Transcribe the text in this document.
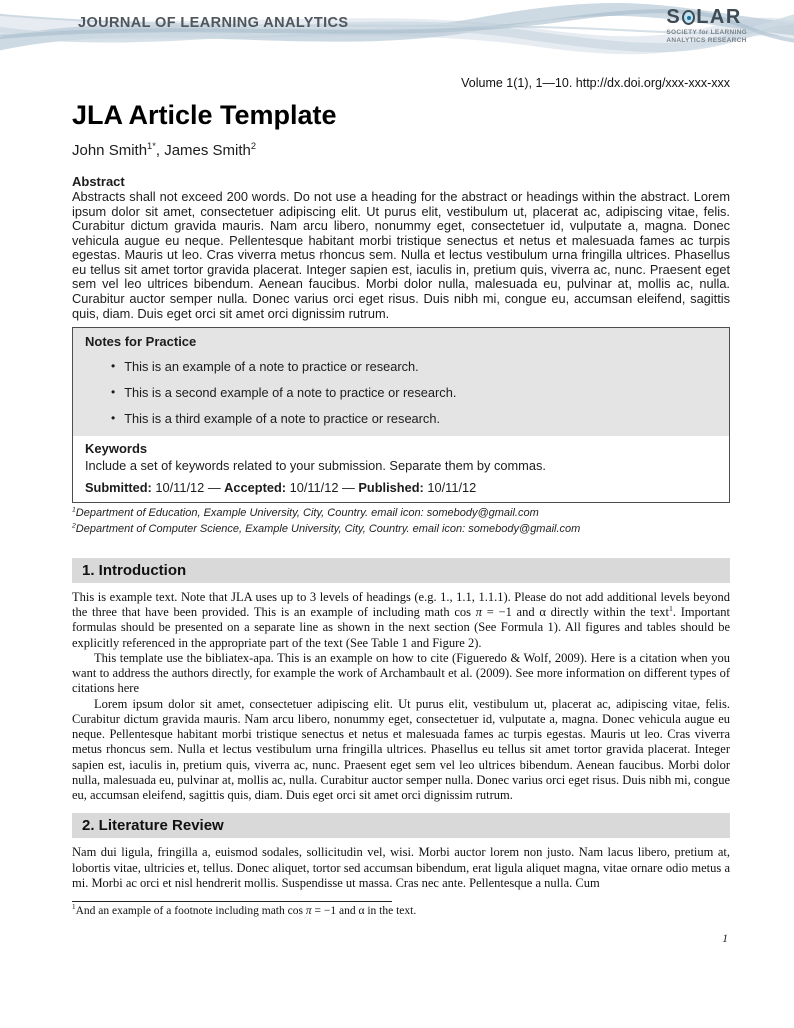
JOURNAL OF LEARNING ANALYTICS	S LAR
SOCIETY for LEARNING
ANALYTICS RESEARCH
Volume 1(1), 1—10. http://dx.doi.org/xxx-xxx-xxx
JLA Article Template
John Smith$^{1*}$, James Smith$^2$
Abstract
Abstracts shall not exceed 200 words. Do not use a heading for the abstract or headings within the abstract. Lorem ipsum dolor sit amet, consectetuer adipiscing elit. Ut purus elit, vestibulum ut, placerat ac, adipiscing vitae, felis. Curabitur dictum gravida mauris. Nam arcu libero, nonummy eget, consectetuer id, vulputate a, magna. Donec vehicula augue eu neque. Pellentesque habitant morbi tristique senectus et netus et malesuada fames ac turpis egestas. Mauris ut leo. Cras viverra metus rhoncus sem. Nulla et lectus vestibulum urna fringilla ultrices. Phasellus eu tellus sit amet tortor gravida placerat. Integer sapien est, iaculis in, pretium quis, viverra ac, nunc. Praesent eget sem vel leo ultrices bibendum. Aenean faucibus. Morbi dolor nulla, malesuada eu, pulvinar at, mollis ac, nulla. Curabitur auctor semper nulla. Donec varius orci eget risus. Duis nibh mi, congue eu, accumsan eleifend, sagittis quis, diam. Duis eget orci sit amet orci dignissim rutrum.
Notes for Practice
• This is an example of a note to practice or research.
• This is a second example of a note to practice or research.
• This is a third example of a note to practice or research.
Keywords
Include a set of keywords related to your submission. Separate them by commas.
Submitted: 10/11/12 — Accepted: 10/11/12 — Published: 10/11/12
$^1$Department of Education, Example University, City, Country. email icon: somebody@gmail.com
$^2$Department of Computer Science, Example University, City, Country. email icon: somebody@gmail.com
1. Introduction

This is example text. Note that JLA uses up to 3 levels of headings (e.g. 1., 1.1, 1.1.1). Please do not add additional levels beyond the three that have been provided. This is an example of including math cos π = −1 and α directly within the text$^1$. Important formulas should be presented on a separate line as shown in the next section (See Formula 1). All figures and tables should be explicitly referenced in the appropriate part of the text (See Table 1 and Figure 2).

This template use the bibliatex-apa. This is an example on how to cite (Figueredo & Wolf, 2009). Here is a citation when you want to address the authors directly, for example the work of Archambault et al. (2009). See more information on different types of citations here

Lorem ipsum dolor sit amet, consectetuer adipiscing elit. Ut purus elit, vestibulum ut, placerat ac, adipiscing vitae, felis. Curabitur dictum gravida mauris. Nam arcu libero, nonummy eget, consectetuer id, vulputate a, magna. Donec vehicula augue eu neque. Pellentesque habitant morbi tristique senectus et netus et malesuada fames ac turpis egestas. Mauris ut leo. Cras viverra metus rhoncus sem. Nulla et lectus vestibulum urna fringilla ultrices. Phasellus eu tellus sit amet tortor gravida placerat. Integer sapien est, iaculis in, pretium quis, viverra ac, nunc. Praesent eget sem vel leo ultrices bibendum. Aenean faucibus. Morbi dolor nulla, malesuada eu, pulvinar at, mollis ac, nulla. Curabitur auctor semper nulla. Donec varius orci eget risus. Duis nibh mi, congue eu, accumsan eleifend, sagittis quis, diam. Duis eget orci sit amet orci dignissim rutrum.

2. Literature Review

Nam dui ligula, fringilla a, euismod sodales, sollicitudin vel, wisi. Morbi auctor lorem non justo. Nam lacus libero, pretium at, lobortis vitae, ultricies et, tellus. Donec aliquet, tortor sed accumsan bibendum, erat ligula aliquet magna, vitae ornare odio metus a mi. Morbi ac orci et nisl hendrerit mollis. Suspendisse ut massa. Cras nec ante. Pellentesque a nulla. Cum

$^1$And an example of a footnote including math cos π = −1 and α in the text.
1
